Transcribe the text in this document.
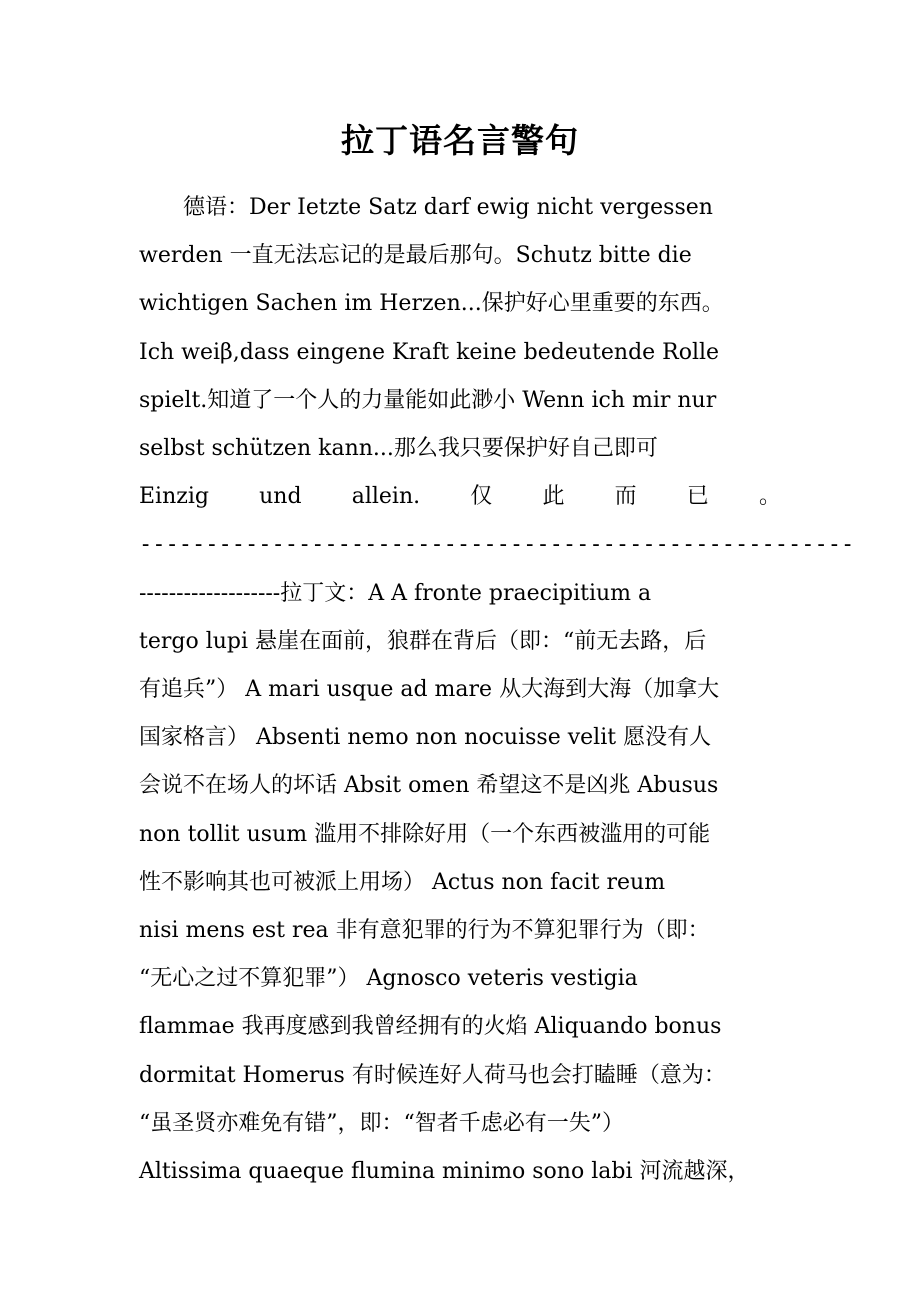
拉丁语名言警句
　　德语：Der Ietzte Satz darf ewig nicht vergessen
werden 一直无法忘记的是最后那句。Schutz bitte die
wichtigen Sachen im Herzen...保护好心里重要的东西。
Ich weiβ,dass eingene Kraft keine bedeutende Rolle
spielt.知道了一个人的力量能如此渺小 Wenn ich mir nur
selbst schützen kann...那么我只要保护好自己即可
Einzig und allein. 仅 此 而 已 。
------------------------------------------------------
-------------------拉丁文：A A fronte praecipitium a
tergo lupi 悬崖在面前，狼群在背后（即：“前无去路，后
有追兵”） A mari usque ad mare 从大海到大海（加拿大
国家格言） Absenti nemo non nocuisse velit 愿没有人
会说不在场人的坏话 Absit omen 希望这不是凶兆 Abusus
non tollit usum 滥用不排除好用（一个东西被滥用的可能
性不影响其也可被派上用场） Actus non facit reum
nisi mens est rea 非有意犯罪的行为不算犯罪行为（即：
“无心之过不算犯罪”） Agnosco veteris vestigia
flammae 我再度感到我曾经拥有的火焰 Aliquando bonus
dormitat Homerus 有时候连好人荷马也会打瞌睡（意为：
“虽圣贤亦难免有错”，即：“智者千虑必有一失”）
Altissima quaeque flumina minimo sono labi 河流越深，
